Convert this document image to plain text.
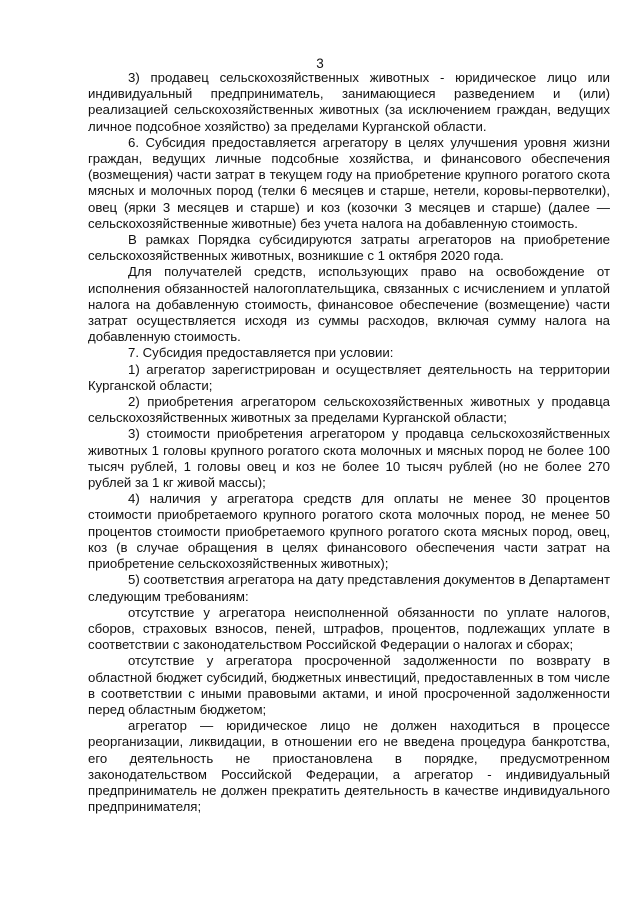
3

3) продавец сельскохозяйственных животных - юридическое лицо или индивидуальный предприниматель, занимающиеся разведением и (или) реализацией сельскохозяйственных животных (за исключением граждан, ведущих личное подсобное хозяйство) за пределами Курганской области.

6. Субсидия предоставляется агрегатору в целях улучшения уровня жизни граждан, ведущих личные подсобные хозяйства, и финансового обеспечения (возмещения) части затрат в текущем году на приобретение крупного рогатого скота мясных и молочных пород (телки 6 месяцев и старше, нетели, коровы-первотелки), овец (ярки 3 месяцев и старше) и коз (козочки 3 месяцев и старше) (далее — сельскохозяйственные животные) без учета налога на добавленную стоимость.

В рамках Порядка субсидируются затраты агрегаторов на приобретение сельскохозяйственных животных, возникшие с 1 октября 2020 года.

Для получателей средств, использующих право на освобождение от исполнения обязанностей налогоплательщика, связанных с исчислением и уплатой налога на добавленную стоимость, финансовое обеспечение (возмещение) части затрат осуществляется исходя из суммы расходов, включая сумму налога на добавленную стоимость.

7. Субсидия предоставляется при условии:

1) агрегатор зарегистрирован и осуществляет деятельность на территории Курганской области;

2) приобретения агрегатором сельскохозяйственных животных у продавца сельскохозяйственных животных за пределами Курганской области;

3) стоимости приобретения агрегатором у продавца сельскохозяйственных животных 1 головы крупного рогатого скота молочных и мясных пород не более 100 тысяч рублей, 1 головы овец и коз не более 10 тысяч рублей (но не более 270 рублей за 1 кг живой массы);

4) наличия у агрегатора средств для оплаты не менее 30 процентов стоимости приобретаемого крупного рогатого скота молочных пород, не менее 50 процентов стоимости приобретаемого крупного рогатого скота мясных пород, овец, коз (в случае обращения в целях финансового обеспечения части затрат на приобретение сельскохозяйственных животных);

5) соответствия агрегатора на дату представления документов в Департамент следующим требованиям:

отсутствие у агрегатора неисполненной обязанности по уплате налогов, сборов, страховых взносов, пеней, штрафов, процентов, подлежащих уплате в соответствии с законодательством Российской Федерации о налогах и сборах;

отсутствие у агрегатора просроченной задолженности по возврату в областной бюджет субсидий, бюджетных инвестиций, предоставленных в том числе в соответствии с иными правовыми актами, и иной просроченной задолженности перед областным бюджетом;

агрегатор — юридическое лицо не должен находиться в процессе реорганизации, ликвидации, в отношении его не введена процедура банкротства, его деятельность не приостановлена в порядке, предусмотренном законодательством Российской Федерации, а агрегатор - индивидуальный предприниматель не должен прекратить деятельность в качестве индивидуального предпринимателя;
